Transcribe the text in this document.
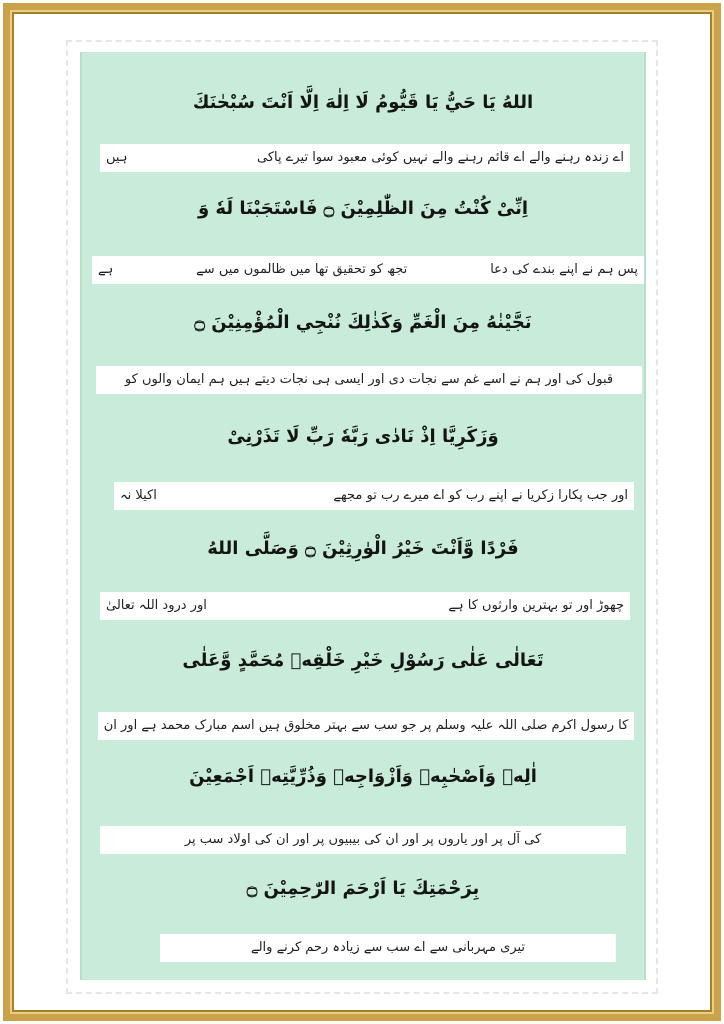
اللهُ يَا حَيُّ يَا قَيُّومُ لَا اِلٰهَ اِلَّا اَنْتَ سُبْحٰنَكَ
اے زندہ رہنے والے اے قائم رہنے والے نہیں کوئی معبود سوا تیرے پاکی
ہیں
اِنِّیْ كُنْتُ مِنَ الظّٰلِمِيْنَ ۝ فَاسْتَجَبْنَا لَهٗ وَ
پس ہم نے اپنے بندے کی دعا
تجھ کو تحقیق تھا میں ظالموں میں سے
ہے
نَجَّيْنٰهُ مِنَ الْغَمِّ وَكَذٰلِكَ نُنْجِي الْمُؤْمِنِيْنَ ۝
قبول کی اور ہم نے اسے غم سے نجات دی اور ایسی ہی نجات دیتے ہیں ہم ایمان والوں کو
وَزَكَرِيَّا اِذْ نَادٰى رَبَّهٗ رَبِّ لَا تَذَرْنِىْ
اور جب پکارا زکریا نے اپنے رب کو اے میرے رب تو مجھے
اکیلا نہ
فَرْدًا وَّاَنْتَ خَيْرُ الْوٰرِثِيْنَ ۝ وَصَلَّى اللهُ
چھوڑ اور تو بہترین وارثوں کا ہے
اور درود اللہ تعالیٰ
تَعَالٰى عَلٰى رَسُوْلِ خَيْرِ خَلْقِهٖ مُحَمَّدٍ وَّعَلٰى
کا رسول اکرم صلی اللہ علیہ وسلم پر جو سب سے بہتر مخلوق ہیں اسم مبارک محمد ہے اور ان
اٰلِهٖ وَاَصْحٰبِهٖ وَاَزْوَاجِهٖ وَذُرِّيَّتِهٖ اَجْمَعِيْنَ
کی آل پر اور یاروں پر اور ان کی بیبیوں پر اور ان کی اولاد سب پر
بِرَحْمَتِكَ يَا اَرْحَمَ الرّٰحِمِيْنَ ۝
تیری مہربانی سے اے سب سے زیادہ رحم کرنے والے
